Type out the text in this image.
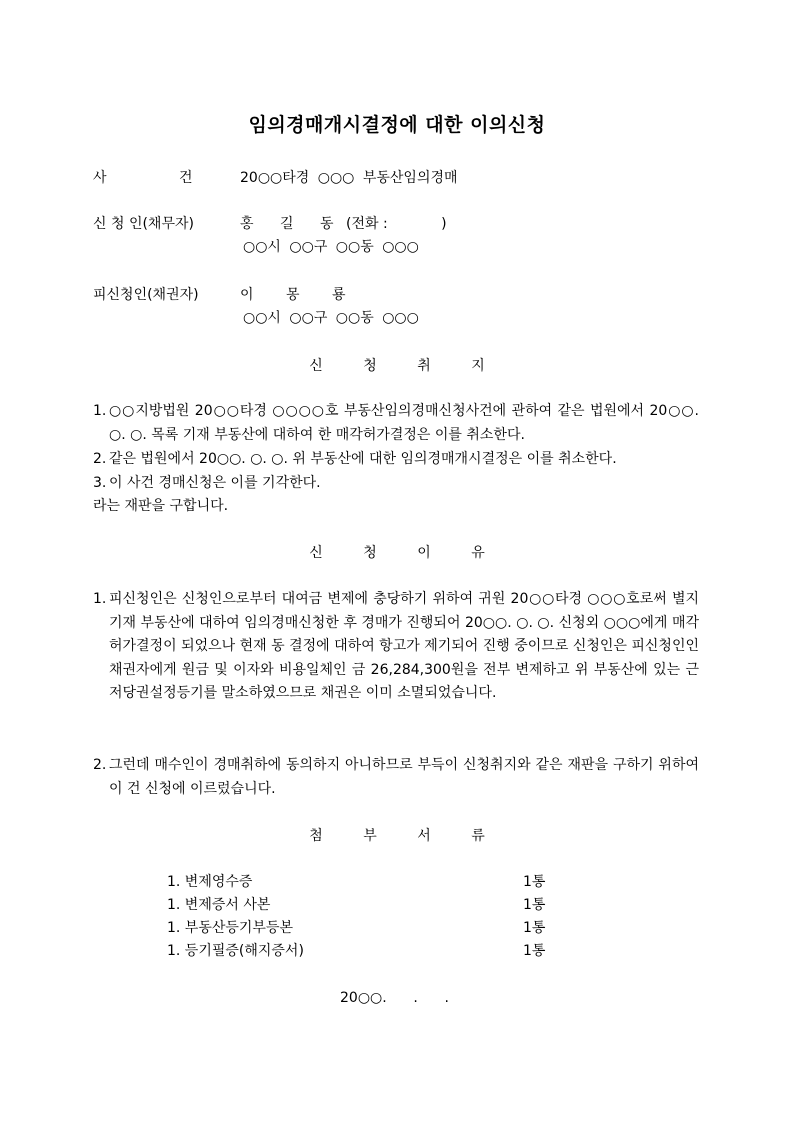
임의경매개시결정에 대한 이의신청
사 건 20○○타경 ○○○ 부동산임의경매
신 청 인(채무자)	홍 길 동 (전화 :            )
○○시 ○○구 ○○동 ○○○
피신청인(채권자)	이 몽 룡
○○시 ○○구 ○○동 ○○○
신 청 취 지
1. ○○지방법원 20○○타경 ○○○○호 부동산임의경매신청사건에 관하여 같은 법원에서 20○○. ○. ○. 목록 기재 부동산에 대하여 한 매각허가결정은 이를 취소한다.
2. 같은 법원에서 20○○. ○. ○. 위 부동산에 대한 임의경매개시결정은 이를 취소한다.
3. 이 사건 경매신청은 이를 기각한다.
라는 재판을 구합니다.
신 청 이 유
1. 피신청인은 신청인으로부터 대여금 변제에 충당하기 위하여 귀원 20○○타경 ○○○호로써 별지 기재 부동산에 대하여 임의경매신청한 후 경매가 진행되어 20○○. ○. ○. 신청외 ○○○에게 매각허가결정이 되었으나 현재 동 결정에 대하여 항고가 제기되어 진행 중이므로 신청인은 피신청인인 채권자에게 원금 및 이자와 비용일체인 금 26,284,300원을 전부 변제하고 위 부동산에 있는 근저당권설정등기를 말소하였으므로 채권은 이미 소멸되었습니다.
2. 그런데 매수인이 경매취하에 동의하지 아니하므로 부득이 신청취지와 같은 재판을 구하기 위하여 이 건 신청에 이르렀습니다.
첨 부 서 류
1. 변제영수증	1통
1. 변제증서 사본	1통
1. 부동산등기부등본	1통
1. 등기필증(해지증서)	1통
20○○.      .      .
